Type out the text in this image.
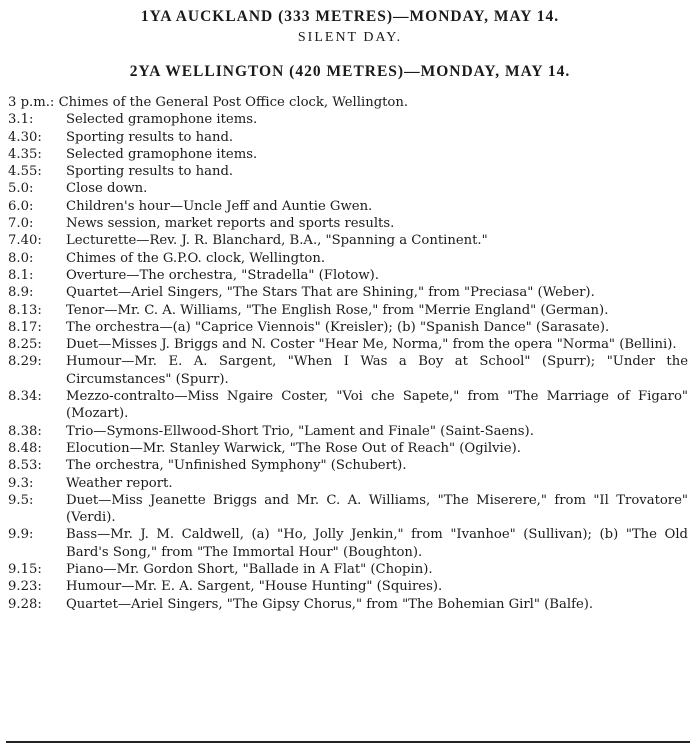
1YA AUCKLAND (333 METRES)—MONDAY, MAY 14.
SILENT DAY.
2YA WELLINGTON (420 METRES)—MONDAY, MAY 14.
3 p.m.: Chimes of the General Post Office clock, Wellington.
3.1: Selected gramophone items.
4.30: Sporting results to hand.
4.35: Selected gramophone items.
4.55: Sporting results to hand.
5.0: Close down.
6.0: Children's hour—Uncle Jeff and Auntie Gwen.
7.0: News session, market reports and sports results.
7.40: Lecturette—Rev. J. R. Blanchard, B.A., "Spanning a Continent."
8.0: Chimes of the G.P.O. clock, Wellington.
8.1: Overture—The orchestra, "Stradella" (Flotow).
8.9: Quartet—Ariel Singers, "The Stars That are Shining," from "Preciasa" (Weber).
8.13: Tenor—Mr. C. A. Williams, "The English Rose," from "Merrie England" (German).
8.17: The orchestra—(a) "Caprice Viennois" (Kreisler); (b) "Spanish Dance" (Sarasate).
8.25: Duet—Misses J. Briggs and N. Coster "Hear Me, Norma," from the opera "Norma" (Bellini).
8.29: Humour—Mr. E. A. Sargent, "When I Was a Boy at School" (Spurr); "Under the Circumstances" (Spurr).
8.34: Mezzo-contralto—Miss Ngaire Coster, "Voi che Sapete," from "The Marriage of Figaro" (Mozart).
8.38: Trio—Symons-Ellwood-Short Trio, "Lament and Finale" (Saint-Saens).
8.48: Elocution—Mr. Stanley Warwick, "The Rose Out of Reach" (Ogilvie).
8.53: The orchestra, "Unfinished Symphony" (Schubert).
9.3: Weather report.
9.5: Duet—Miss Jeanette Briggs and Mr. C. A. Williams, "The Miserere," from "Il Trovatore" (Verdi).
9.9: Bass—Mr. J. M. Caldwell, (a) "Ho, Jolly Jenkin," from "Ivanhoe" (Sullivan); (b) "The Old Bard's Song," from "The Immortal Hour" (Boughton).
9.15: Piano—Mr. Gordon Short, "Ballade in A Flat" (Chopin).
9.23: Humour—Mr. E. A. Sargent, "House Hunting" (Squires).
9.28: Quartet—Ariel Singers, "The Gipsy Chorus," from "The Bohemian Girl" (Balfe).
